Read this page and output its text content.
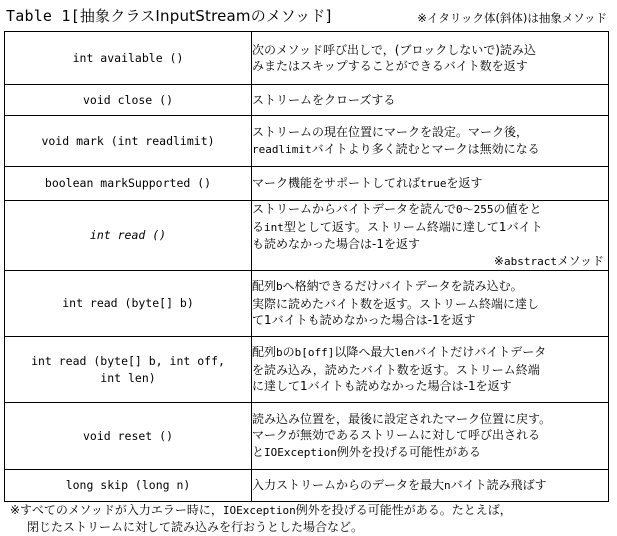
Table 1[抽象クラスInputStreamのメソッド]	※イタリック体(斜体)は抽象メソッド
int available ()	次のメソッド呼び出しで，(ブロックしないで)読み込
みまたはスキップすることができるバイト数を返す
void close ()	ストリームをクローズする
void mark (int readlimit)	ストリームの現在位置にマークを設定。マーク後，
readlimitバイトより多く読むとマークは無効になる
boolean markSupported ()	マーク機能をサポートしてればtrueを返す
int read ()	ストリームからバイトデータを読んで0～255の値をと
るint型として返す。ストリーム終端に達して1バイト
も読めなかった場合は-1を返す
※abstractメソッド

int read (byte[] b)	配列bへ格納できるだけバイトデータを読み込む。
実際に読めたバイト数を返す。ストリーム終端に達し
て1バイトも読めなかった場合は-1を返す
int read (byte[] b, int off,
int len)	配列bのb[off]以降へ最大lenバイトだけバイトデータ
を読み込み，読めたバイト数を返す。ストリーム終端
に達して1バイトも読めなかった場合は-1を返す
void reset ()	読み込み位置を，最後に設定されたマーク位置に戻す。
マークが無効であるストリームに対して呼び出される
とIOException例外を投げる可能性がある
long skip (long n)	入力ストリームからのデータを最大nバイト読み飛ばす
※すべてのメソッドが入力エラー時に，IOException例外を投げる可能性がある。たとえば，
閉じたストリームに対して読み込みを行おうとした場合など。
